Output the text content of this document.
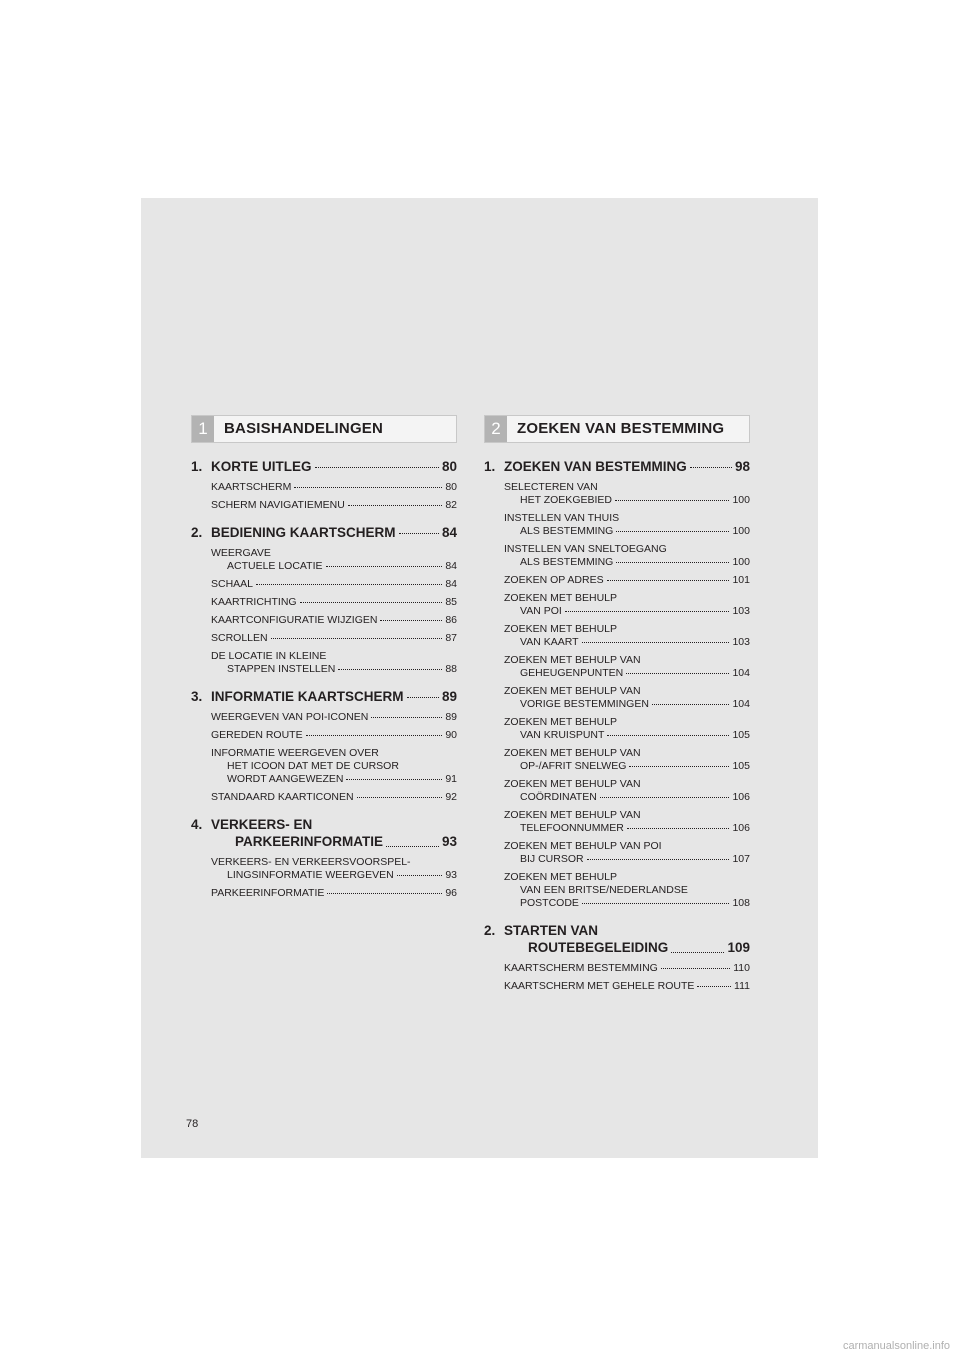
1	BASISHANDELINGEN
1. KORTE UITLEG	80
KAARTSCHERM	80
SCHERM NAVIGATIEMENU	82
2. BEDIENING KAARTSCHERM	84
WEERGAVE
ACTUELE LOCATIE	84
SCHAAL	84
KAARTRICHTING	85
KAARTCONFIGURATIE WIJZIGEN	86
SCROLLEN	87
DE LOCATIE IN KLEINE
STAPPEN INSTELLEN	88
3. INFORMATIE KAARTSCHERM	89
WEERGEVEN VAN POI-ICONEN	89
GEREDEN ROUTE	90
INFORMATIE WEERGEVEN OVER
HET ICOON DAT MET DE CURSOR
WORDT AANGEWEZEN	91
STANDAARD KAARTICONEN	92
4. VERKEERS- EN
PARKEERINFORMATIE	93
VERKEERS- EN VERKEERSVOORSPEL-
LINGSINFORMATIE WEERGEVEN	93
PARKEERINFORMATIE	96
2	ZOEKEN VAN BESTEMMING
1. ZOEKEN VAN BESTEMMING	98
SELECTEREN VAN
HET ZOEKGEBIED	100
INSTELLEN VAN THUIS
ALS BESTEMMING	100
INSTELLEN VAN SNELTOEGANG
ALS BESTEMMING	100
ZOEKEN OP ADRES	101
ZOEKEN MET BEHULP
VAN POI	103
ZOEKEN MET BEHULP
VAN KAART	103
ZOEKEN MET BEHULP VAN
GEHEUGENPUNTEN	104
ZOEKEN MET BEHULP VAN
VORIGE BESTEMMINGEN	104
ZOEKEN MET BEHULP
VAN KRUISPUNT	105
ZOEKEN MET BEHULP VAN
OP-/AFRIT SNELWEG	105
ZOEKEN MET BEHULP VAN
COÖRDINATEN	106
ZOEKEN MET BEHULP VAN
TELEFOONNUMMER	106
ZOEKEN MET BEHULP VAN POI
BIJ CURSOR	107
ZOEKEN MET BEHULP
VAN EEN BRITSE/NEDERLANDSE
POSTCODE	108
2. STARTEN VAN
ROUTEBEGELEIDING	109
KAARTSCHERM BESTEMMING	110
KAARTSCHERM MET GEHELE ROUTE	111
78
carmanualsonline.info
